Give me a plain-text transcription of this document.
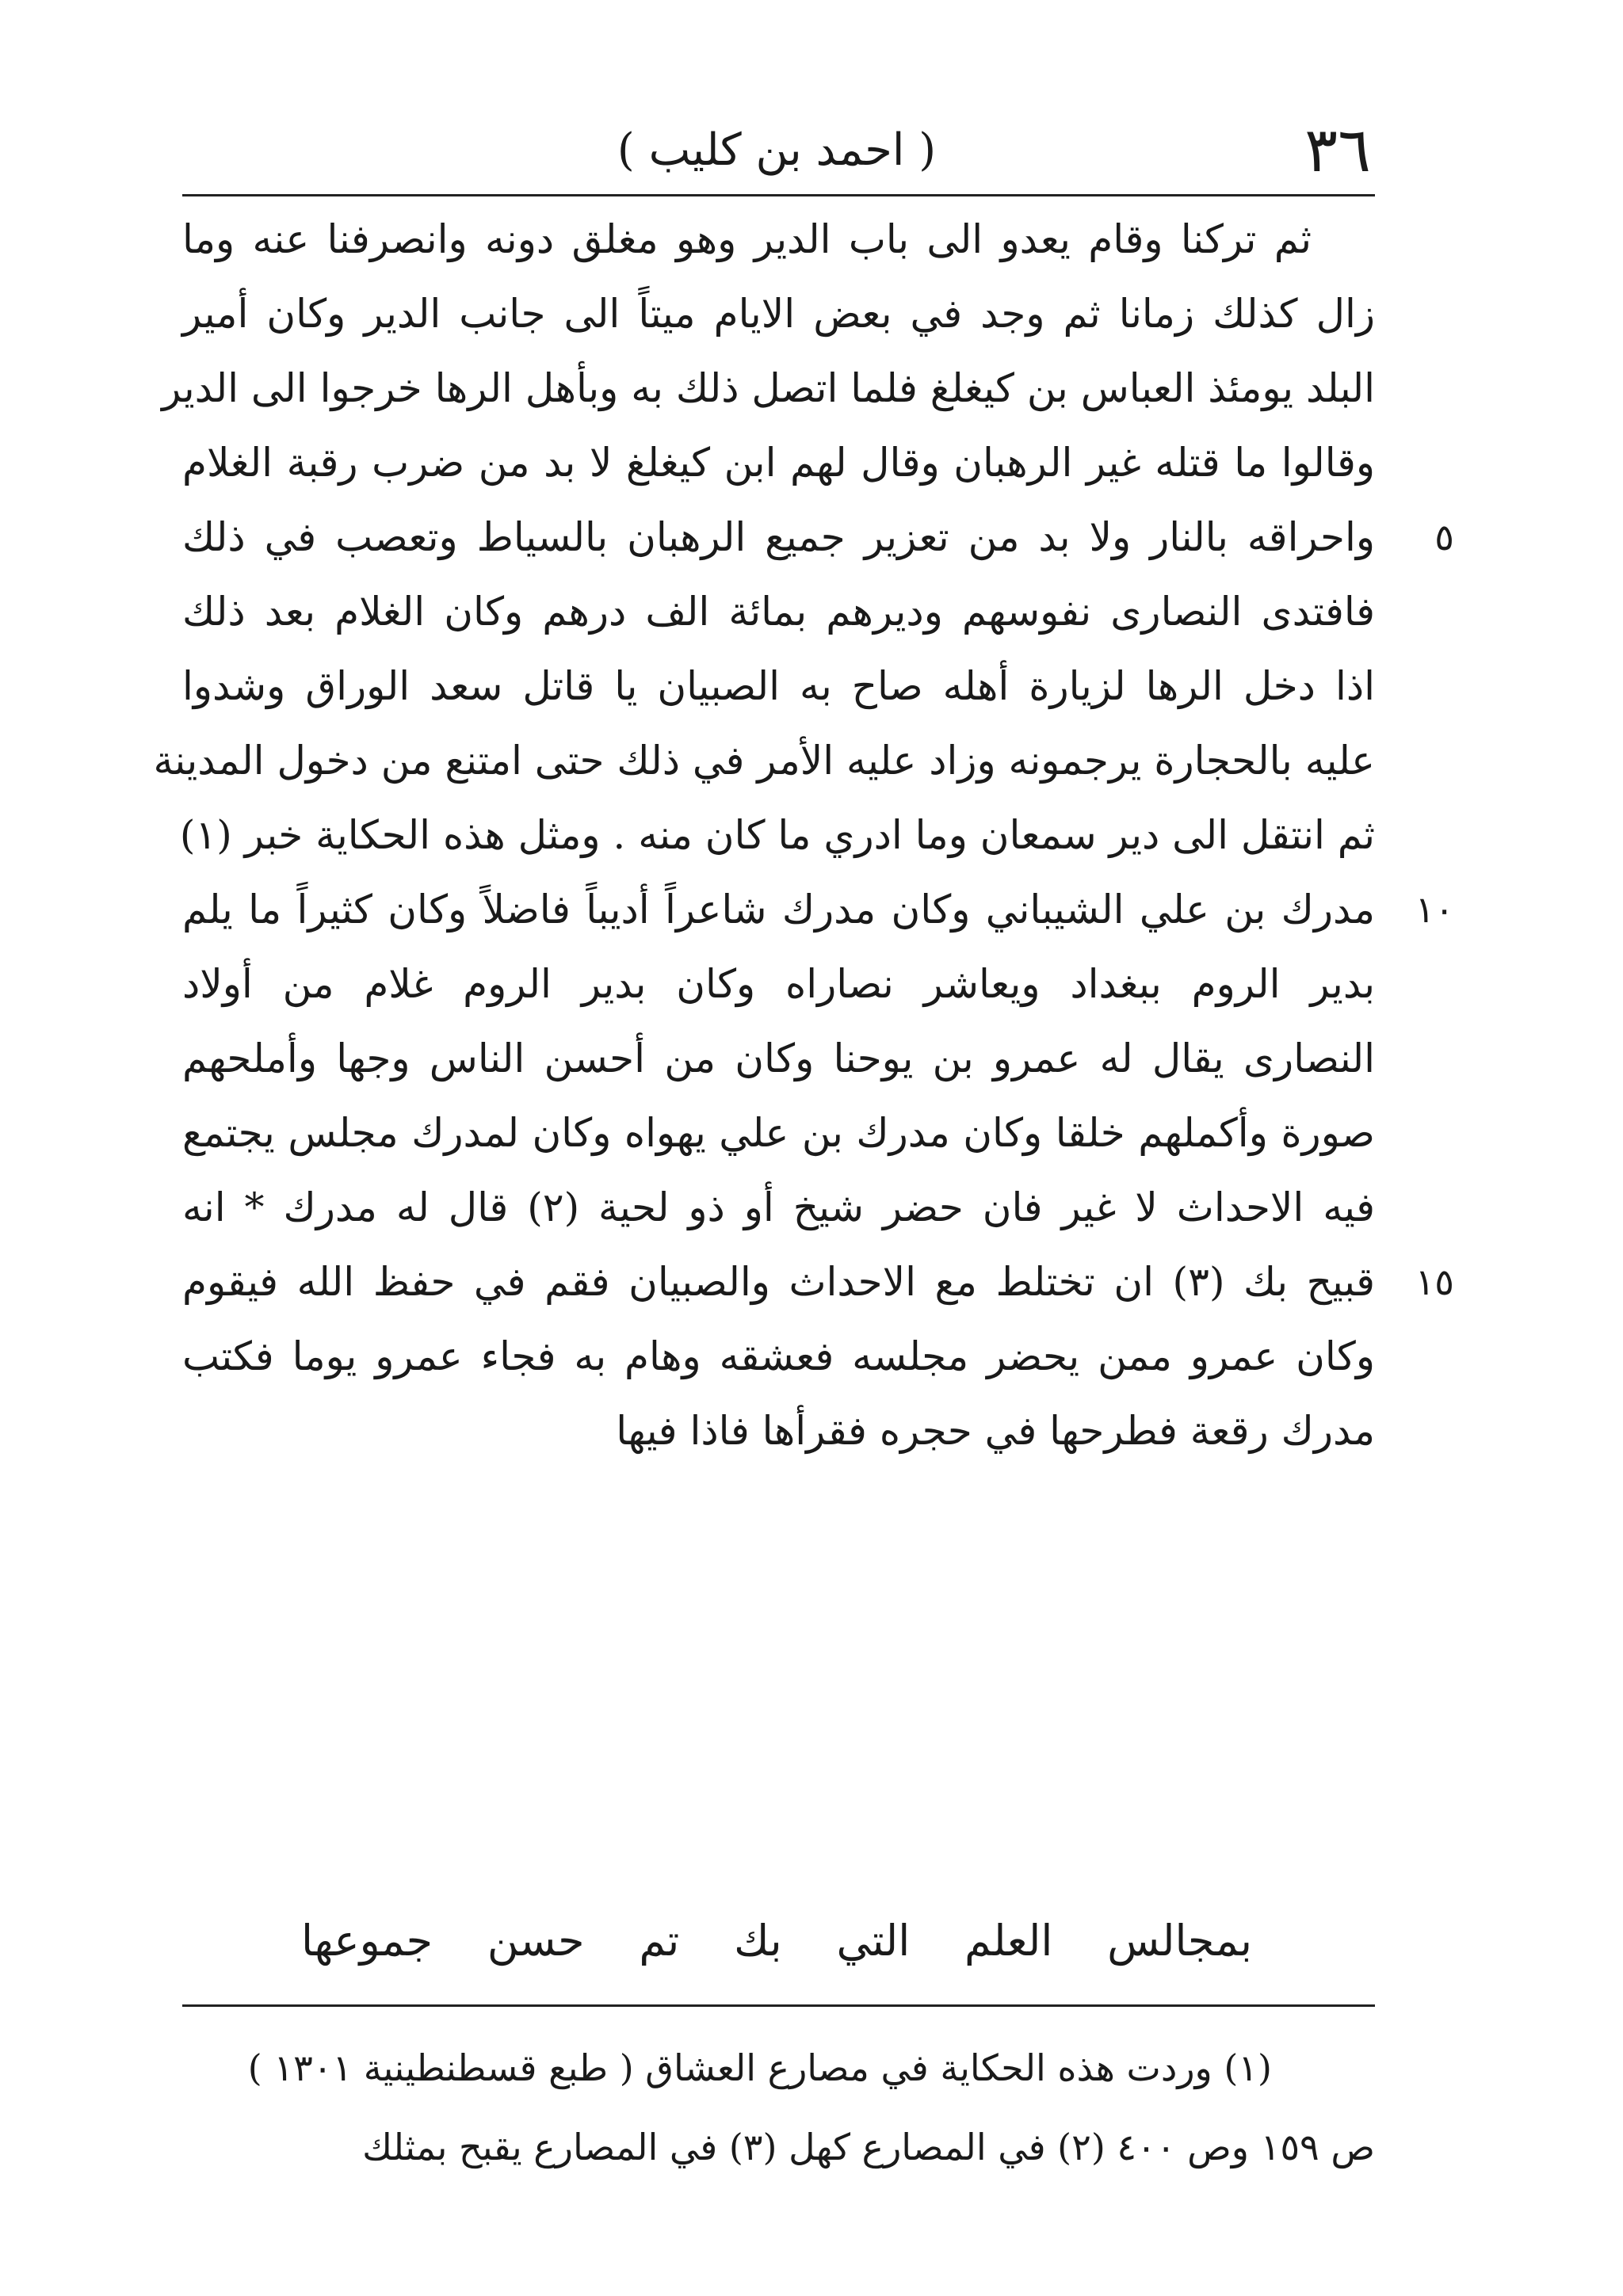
٣٦
( احمد بن كليب )
ثم تركنا وقام يعدو الى باب الدير وهو مغلق دونه وانصرفنا عنه وما
زال كذلك زمانا ثم وجد في بعض الايام ميتاً الى جانب الدير وكان أمير
البلد يومئذ العباس بن كيغلغ فلما اتصل ذلك به وبأهل الرها خرجوا الى الدير
وقالوا ما قتله غير الرهبان وقال لهم ابن كيغلغ لا بد من ضرب رقبة الغلام
٥
واحراقه بالنار ولا بد من تعزير جميع الرهبان بالسياط وتعصب في ذلك
فافتدى النصارى نفوسهم وديرهم بمائة الف درهم وكان الغلام بعد ذلك
اذا دخل الرها لزيارة أهله صاح به الصبيان يا قاتل سعد الوراق وشدوا
عليه بالحجارة يرجمونه وزاد عليه الأمر في ذلك حتى امتنع من دخول المدينة
ثم انتقل الى دير سمعان وما ادري ما كان منه . ومثل هذه الحكاية خبر (١)
١٠
مدرك بن علي الشيباني وكان مدرك شاعراً أديباً فاضلاً وكان كثيراً ما يلم
بدير الروم ببغداد ويعاشر نصاراه وكان بدير الروم غلام من أولاد
النصارى يقال له عمرو بن يوحنا وكان من أحسن الناس وجها وأملحهم
صورة وأكملهم خلقا وكان مدرك بن علي يهواه وكان لمدرك مجلس يجتمع
فيه الاحداث لا غير فان حضر شيخ أو ذو لحية (٢) قال له مدرك * انه
١٥
قبيح بك (٣) ان تختلط مع الاحداث والصبيان فقم في حفظ الله فيقوم
وكان عمرو ممن يحضر مجلسه فعشقه وهام به فجاء عمرو يوما فكتب
مدرك رقعة فطرحها في حجره فقرأها فاذا فيها
بمجالس العلم التي بك تم حسن جموعها
(١) وردت هذه الحكاية في مصارع العشاق ( طبع قسطنطينية ١٣٠١ )
ص ١٥٩ وص ٤٠٠ (٢) في المصارع كهل (٣) في المصارع يقبح بمثلك
